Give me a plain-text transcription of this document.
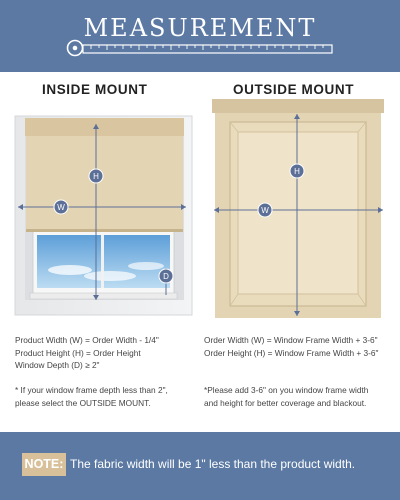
MEASUREMENT
INSIDE MOUNT	OUTSIDE MOUNT
W
H
D
W
H
Product Width (W) = Order Width - 1/4"
Product Height (H) = Order Height
Window Depth (D) ≥ 2"
* If your window frame depth less than 2",
please select the OUTSIDE MOUNT.
Order Width (W) = Window Frame Width + 3-6"
Order Height (H) = Window Frame Width + 3-6"
*Please add 3-6" on you window frame width
and height for better coverage and blackout.
NOTE: The fabric width will be 1" less than the product width.
